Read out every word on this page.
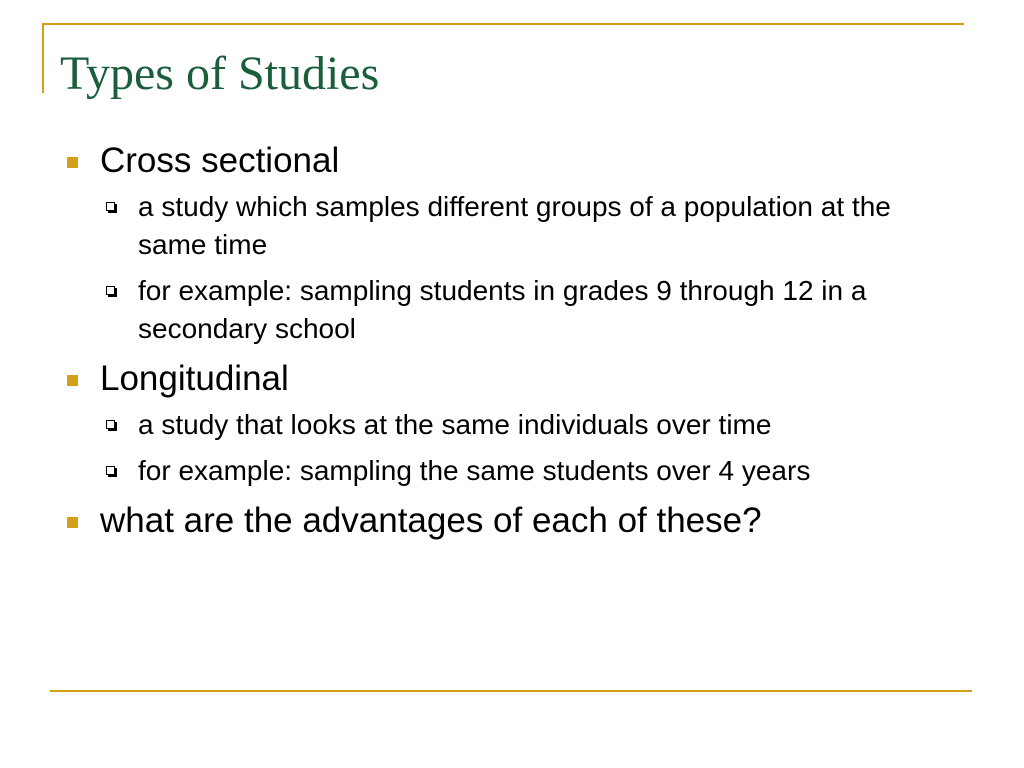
Types of Studies
Cross sectional
a study which samples different groups of a population at the same time
for example: sampling students in grades 9 through 12 in a secondary school
Longitudinal
a study that looks at the same individuals over time
for example: sampling the same students over 4 years
what are the advantages of each of these?
